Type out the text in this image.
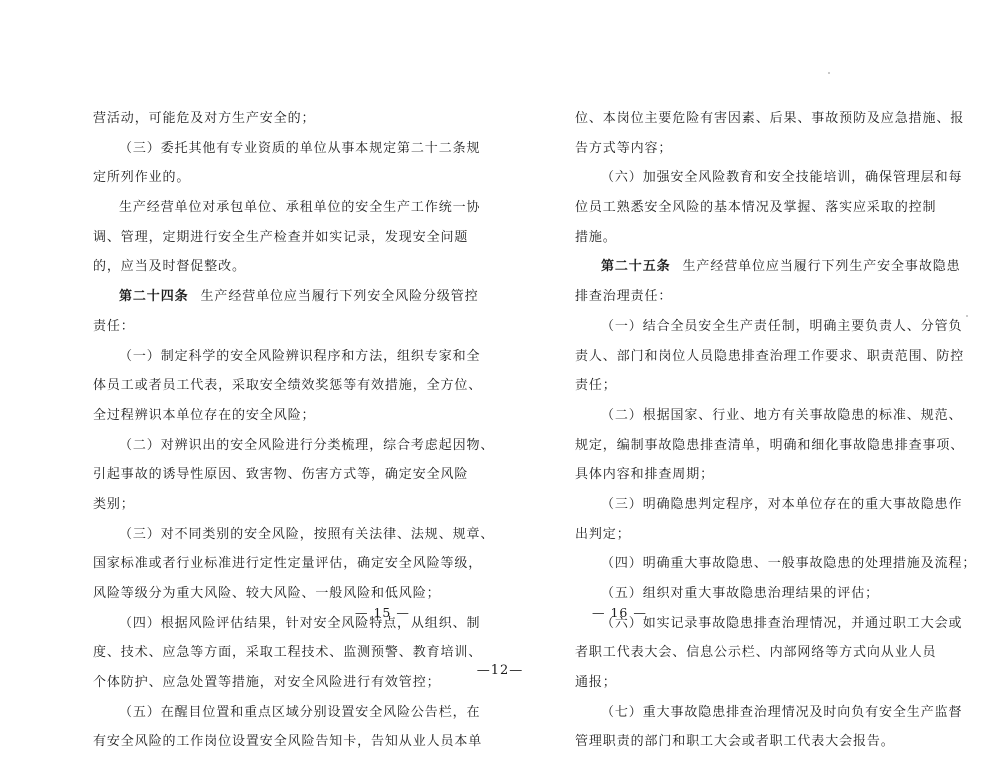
营活动，可能危及对方生产安全的；
（三）委托其他有专业资质的单位从事本规定第二十二条规
定所列作业的。
生产经营单位对承包单位、承租单位的安全生产工作统一协
调、管理，定期进行安全生产检查并如实记录，发现安全问题
的，应当及时督促整改。
第二十四条 生产经营单位应当履行下列安全风险分级管控
责任：
（一）制定科学的安全风险辨识程序和方法，组织专家和全
体员工或者员工代表，采取安全绩效奖惩等有效措施，全方位、
全过程辨识本单位存在的安全风险；
（二）对辨识出的安全风险进行分类梳理，综合考虑起因物、
引起事故的诱导性原因、致害物、伤害方式等，确定安全风险
类别；
（三）对不同类别的安全风险，按照有关法律、法规、规章、
国家标准或者行业标准进行定性定量评估，确定安全风险等级，
风险等级分为重大风险、较大风险、一般风险和低风险；
（四）根据风险评估结果，针对安全风险特点，从组织、制
度、技术、应急等方面，采取工程技术、监测预警、教育培训、
个体防护、应急处置等措施，对安全风险进行有效管控；
（五）在醒目位置和重点区域分别设置安全风险公告栏，在
有安全风险的工作岗位设置安全风险告知卡，告知从业人员本单
— 15 —
位、本岗位主要危险有害因素、后果、事故预防及应急措施、报
告方式等内容；
（六）加强安全风险教育和安全技能培训，确保管理层和每
位员工熟悉安全风险的基本情况及掌握、落实应采取的控制
措施。
第二十五条 生产经营单位应当履行下列生产安全事故隐患
排查治理责任：
（一）结合全员安全生产责任制，明确主要负责人、分管负
责人、部门和岗位人员隐患排查治理工作要求、职责范围、防控
责任；
（二）根据国家、行业、地方有关事故隐患的标准、规范、
规定，编制事故隐患排查清单，明确和细化事故隐患排查事项、
具体内容和排查周期；
（三）明确隐患判定程序，对本单位存在的重大事故隐患作
出判定；
（四）明确重大事故隐患、一般事故隐患的处理措施及流程；
（五）组织对重大事故隐患治理结果的评估；
（六）如实记录事故隐患排查治理情况，并通过职工大会或
者职工代表大会、信息公示栏、内部网络等方式向从业人员
通报；
（七）重大事故隐患排查治理情况及时向负有安全生产监督
管理职责的部门和职工大会或者职工代表大会报告。
— 16 —
—12—
